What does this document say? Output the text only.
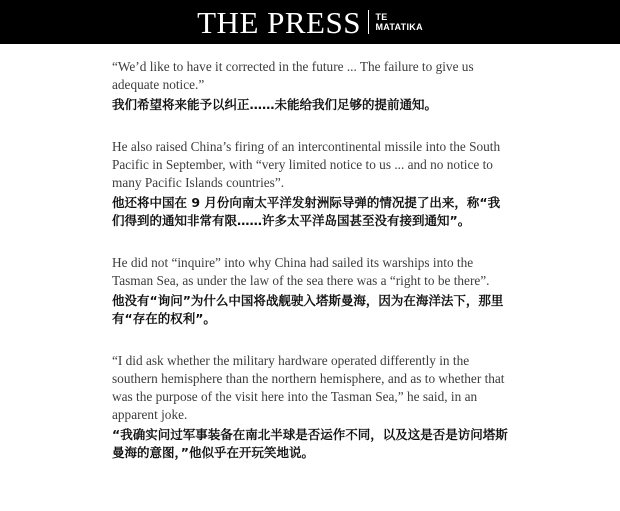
THE PRESS TE
MATATIKA

“We’d like to have it corrected in the future ... The failure to give us adequate notice.”

我们希望将来能予以纠正……未能给我们足够的提前通知。

He also raised China’s firing of an intercontinental missile into the South Pacific in September, with “very limited notice to us ... and no notice to many Pacific Islands countries”.

他还将中国在 9 月份向南太平洋发射洲际导弹的情况提了出来，称“我们得到的通知非常有限……许多太平洋岛国甚至没有接到通知”。

He did not “inquire” into why China had sailed its warships into the Tasman Sea, as under the law of the sea there was a “right to be there”.

他没有“询问”为什么中国将战舰驶入塔斯曼海，因为在海洋法下，那里有“存在的权利”。

“I did ask whether the military hardware operated differently in the southern hemisphere than the northern hemisphere, and as to whether that was the purpose of the visit here into the Tasman Sea,” he said, in an apparent joke.

“我确实问过军事装备在南北半球是否运作不同，以及这是否是访问塔斯曼海的意图，”他似乎在开玩笑地说。
